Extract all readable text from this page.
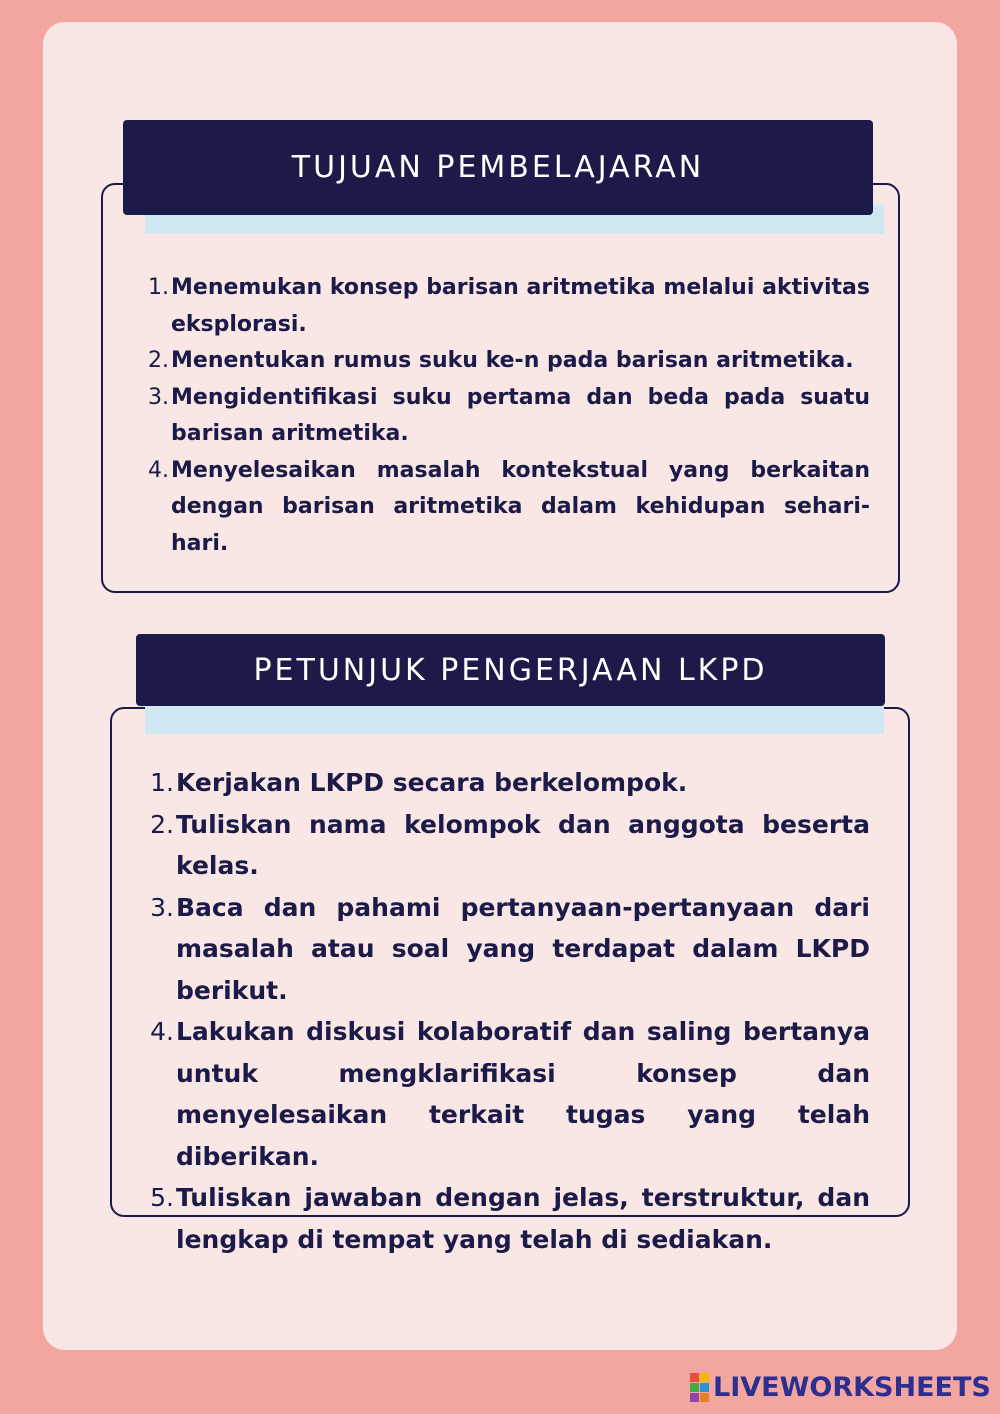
TUJUAN PEMBELAJARAN
1. Menemukan konsep barisan aritmetika melalui aktivitas eksplorasi.
2. Menentukan rumus suku ke-n pada barisan aritmetika.
3. Mengidentifikasi suku pertama dan beda pada suatu barisan aritmetika.
4. Menyelesaikan masalah kontekstual yang berkaitan dengan barisan aritmetika dalam kehidupan sehari-hari.
PETUNJUK PENGERJAAN LKPD
1. Kerjakan LKPD secara berkelompok.
2. Tuliskan nama kelompok dan anggota beserta kelas.
3. Baca dan pahami pertanyaan-pertanyaan dari masalah atau soal yang terdapat dalam LKPD berikut.
4. Lakukan diskusi kolaboratif dan saling bertanya untuk mengklarifikasi konsep dan menyelesaikan terkait tugas yang telah diberikan.
5. Tuliskan jawaban dengan jelas, terstruktur, dan lengkap di tempat yang telah di sediakan.
LIVEWORKSHEETS
